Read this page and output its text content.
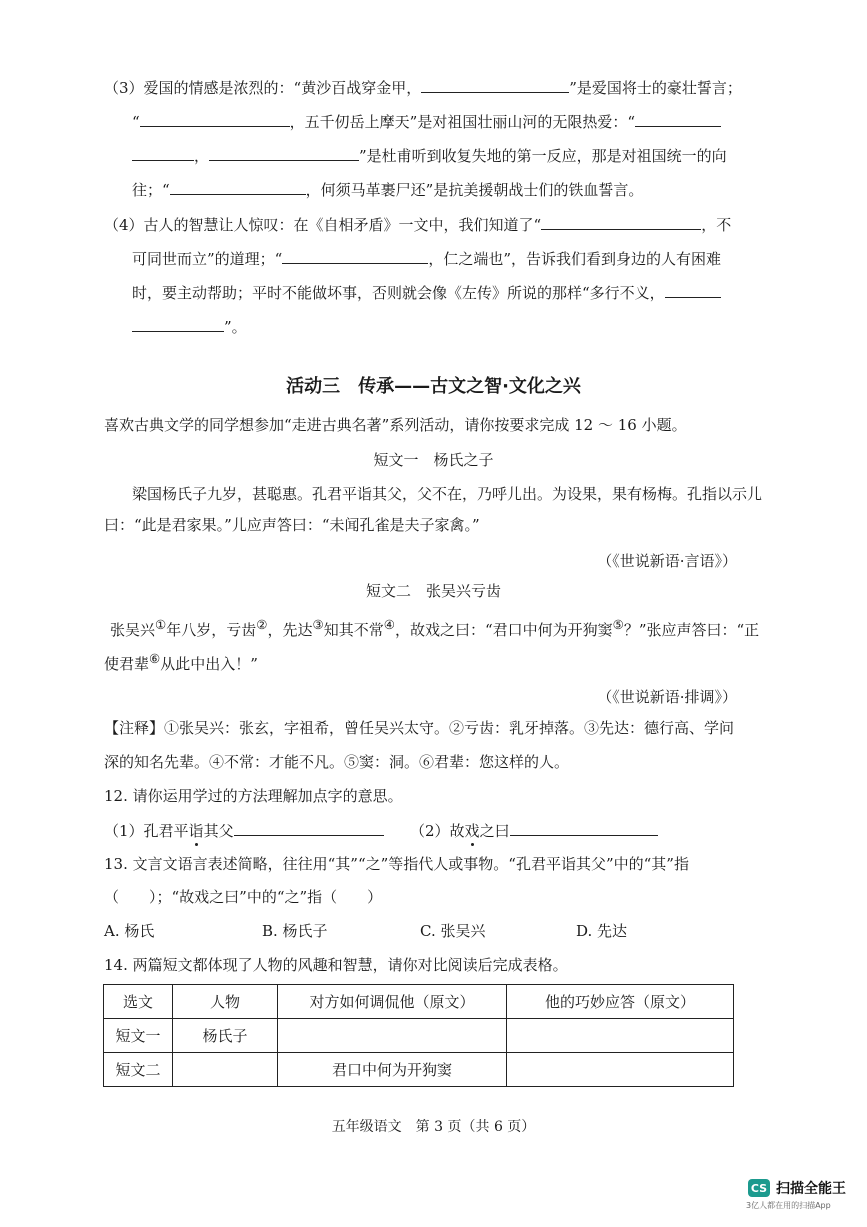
（3）爱国的情感是浓烈的：“黄沙百战穿金甲，	”是爱国将士的豪壮誓言；
“	，五千仞岳上摩天”是对祖国壮丽山河的无限热爱：“
，	”是杜甫听到收复失地的第一反应，那是对祖国统一的向
往；“	，何须马革裹尸还”是抗美援朝战士们的铁血誓言。
（4）古人的智慧让人惊叹：在《自相矛盾》一文中，我们知道了“	，不
可同世而立”的道理；“	，仁之端也”，告诉我们看到身边的人有困难
时，要主动帮助；平时不能做坏事，否则就会像《左传》所说的那样“多行不义，
”。
活动三　传承——古文之智·文化之兴
喜欢古典文学的同学想参加“走进古典名著”系列活动，请你按要求完成 12 ～ 16 小题。
短文一　杨氏之子
梁国杨氏子九岁，甚聪惠。孔君平诣其父，父不在，乃呼儿出。为设果，果有杨梅。孔指以示儿
曰：“此是君家果。”儿应声答曰：“未闻孔雀是夫子家禽。”
（《世说新语·言语》）
短文二　张吴兴亏齿
张吴兴①年八岁，亏齿②，先达③知其不常④，故戏之曰：“君口中何为开狗窦⑤？”张应声答曰：“正
使君辈⑥从此中出入！”
（《世说新语·排调》）
【注释】①张吴兴：张玄，字祖希，曾任吴兴太守。②亏齿：乳牙掉落。③先达：德行高、学问
深的知名先辈。④不常：才能不凡。⑤窦：洞。⑥君辈：您这样的人。
12. 请你运用学过的方法理解加点字的意思。
（1）孔君平诣其父	（2）故戏之曰
13. 文言文语言表述简略，往往用“其”“之”等指代人或事物。“孔君平诣其父”中的“其”指
（　　）；“故戏之曰”中的“之”指（　　）
A. 杨氏	B. 杨氏子	C. 张吴兴	D. 先达
14. 两篇短文都体现了人物的风趣和智慧，请你对比阅读后完成表格。
选文	人物	对方如何调侃他（原文）	他的巧妙应答（原文）
短文一	杨氏子		
短文二		君口中何为开狗窦	
五年级语文　第 3 页（共 6 页）
CS 扫描全能王
3亿人都在用的扫描App
